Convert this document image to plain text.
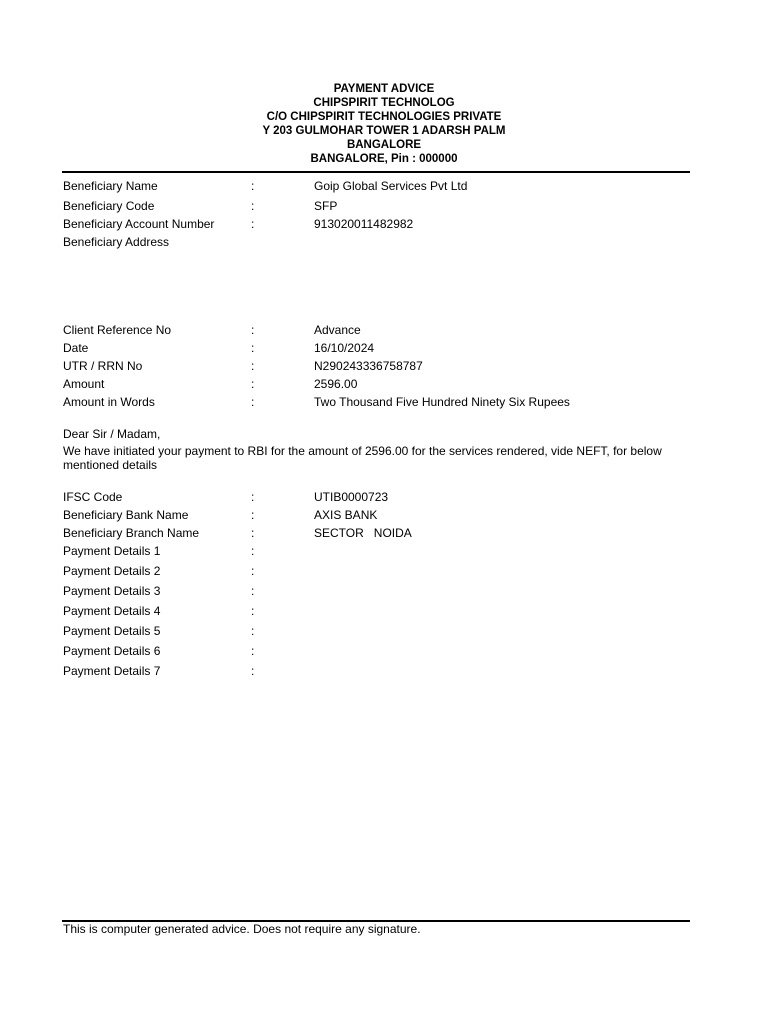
PAYMENT ADVICE
CHIPSPIRIT TECHNOLOG
C/O CHIPSPIRIT TECHNOLOGIES PRIVATE
Y 203 GULMOHAR TOWER 1 ADARSH PALM
BANGALORE
BANGALORE, Pin : 000000
Beneficiary Name	:	Goip Global Services Pvt Ltd
Beneficiary Code	:	SFP
Beneficiary Account Number	:	913020011482982
Beneficiary Address
Client Reference No	:	Advance
Date	:	16/10/2024
UTR / RRN No	:	N290243336758787
Amount	:	2596.00
Amount in Words	:	Two Thousand Five Hundred Ninety Six Rupees
Dear Sir / Madam,
We have initiated your payment to RBI for the amount of 2596.00 for the services rendered, vide NEFT, for below mentioned details
IFSC Code	:	UTIB0000723
Beneficiary Bank Name	:	AXIS BANK
Beneficiary Branch Name	:	SECTOR   NOIDA
Payment Details 1	:
Payment Details 2	:
Payment Details 3	:
Payment Details 4	:
Payment Details 5	:
Payment Details 6	:
Payment Details 7	:
This is computer generated advice. Does not require any signature.
